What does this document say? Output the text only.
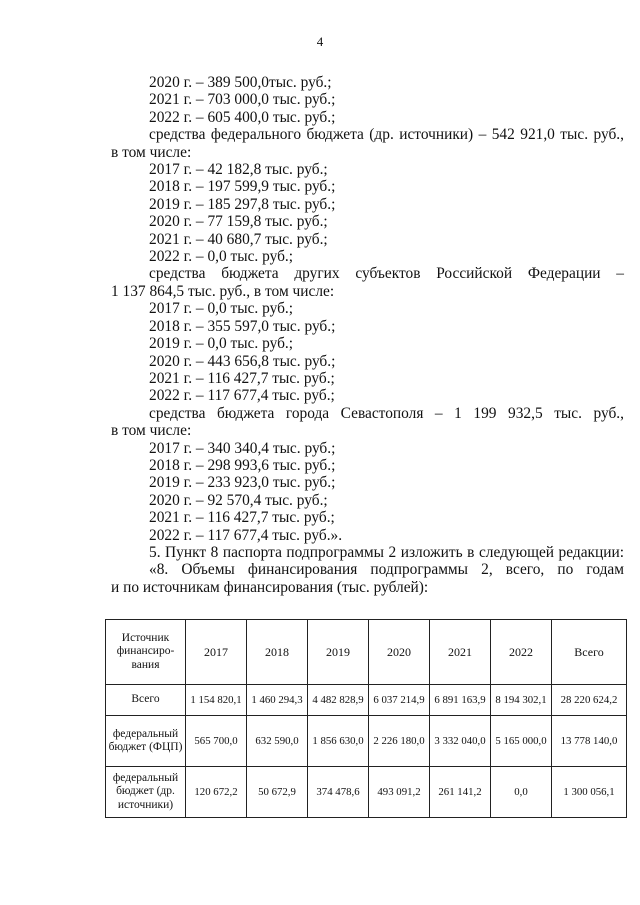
4
2020 г. – 389 500,0тыс. руб.;
2021 г. – 703 000,0 тыс. руб.;
2022 г. – 605 400,0 тыс. руб.;
средства федерального бюджета (др. источники) – 542 921,0 тыс. руб.,
в том числе:
2017 г. – 42 182,8 тыс. руб.;
2018 г. – 197 599,9 тыс. руб.;
2019 г. – 185 297,8 тыс. руб.;
2020 г. – 77 159,8 тыс. руб.;
2021 г. – 40 680,7 тыс. руб.;
2022 г. – 0,0 тыс. руб.;
средства бюджета других субъектов Российской Федерации –
1 137 864,5 тыс. руб., в том числе:
2017 г. – 0,0 тыс. руб.;
2018 г. – 355 597,0 тыс. руб.;
2019 г. – 0,0 тыс. руб.;
2020 г. – 443 656,8 тыс. руб.;
2021 г. – 116 427,7 тыс. руб.;
2022 г. – 117 677,4 тыс. руб.;
средства бюджета города Севастополя – 1 199 932,5 тыс. руб.,
в том числе:
2017 г. – 340 340,4 тыс. руб.;
2018 г. – 298 993,6 тыс. руб.;
2019 г. – 233 923,0 тыс. руб.;
2020 г. – 92 570,4 тыс. руб.;
2021 г. – 116 427,7 тыс. руб.;
2022 г. – 117 677,4 тыс. руб.».
5. Пункт 8 паспорта подпрограммы 2 изложить в следующей редакции:
«8. Объемы финансирования подпрограммы 2, всего, по годам
и по источникам финансирования (тыс. рублей):
Источник финансиро-вания	2017	2018	2019	2020	2021	2022	Всего
Всего	1 154 820,1	1 460 294,3	4 482 828,9	6 037 214,9	6 891 163,9	8 194 302,1	28 220 624,2
федеральный бюджет (ФЦП)	565 700,0	632 590,0	1 856 630,0	2 226 180,0	3 332 040,0	5 165 000,0	13 778 140,0
федеральный бюджет (др. источники)	120 672,2	50 672,9	374 478,6	493 091,2	261 141,2	0,0	1 300 056,1
